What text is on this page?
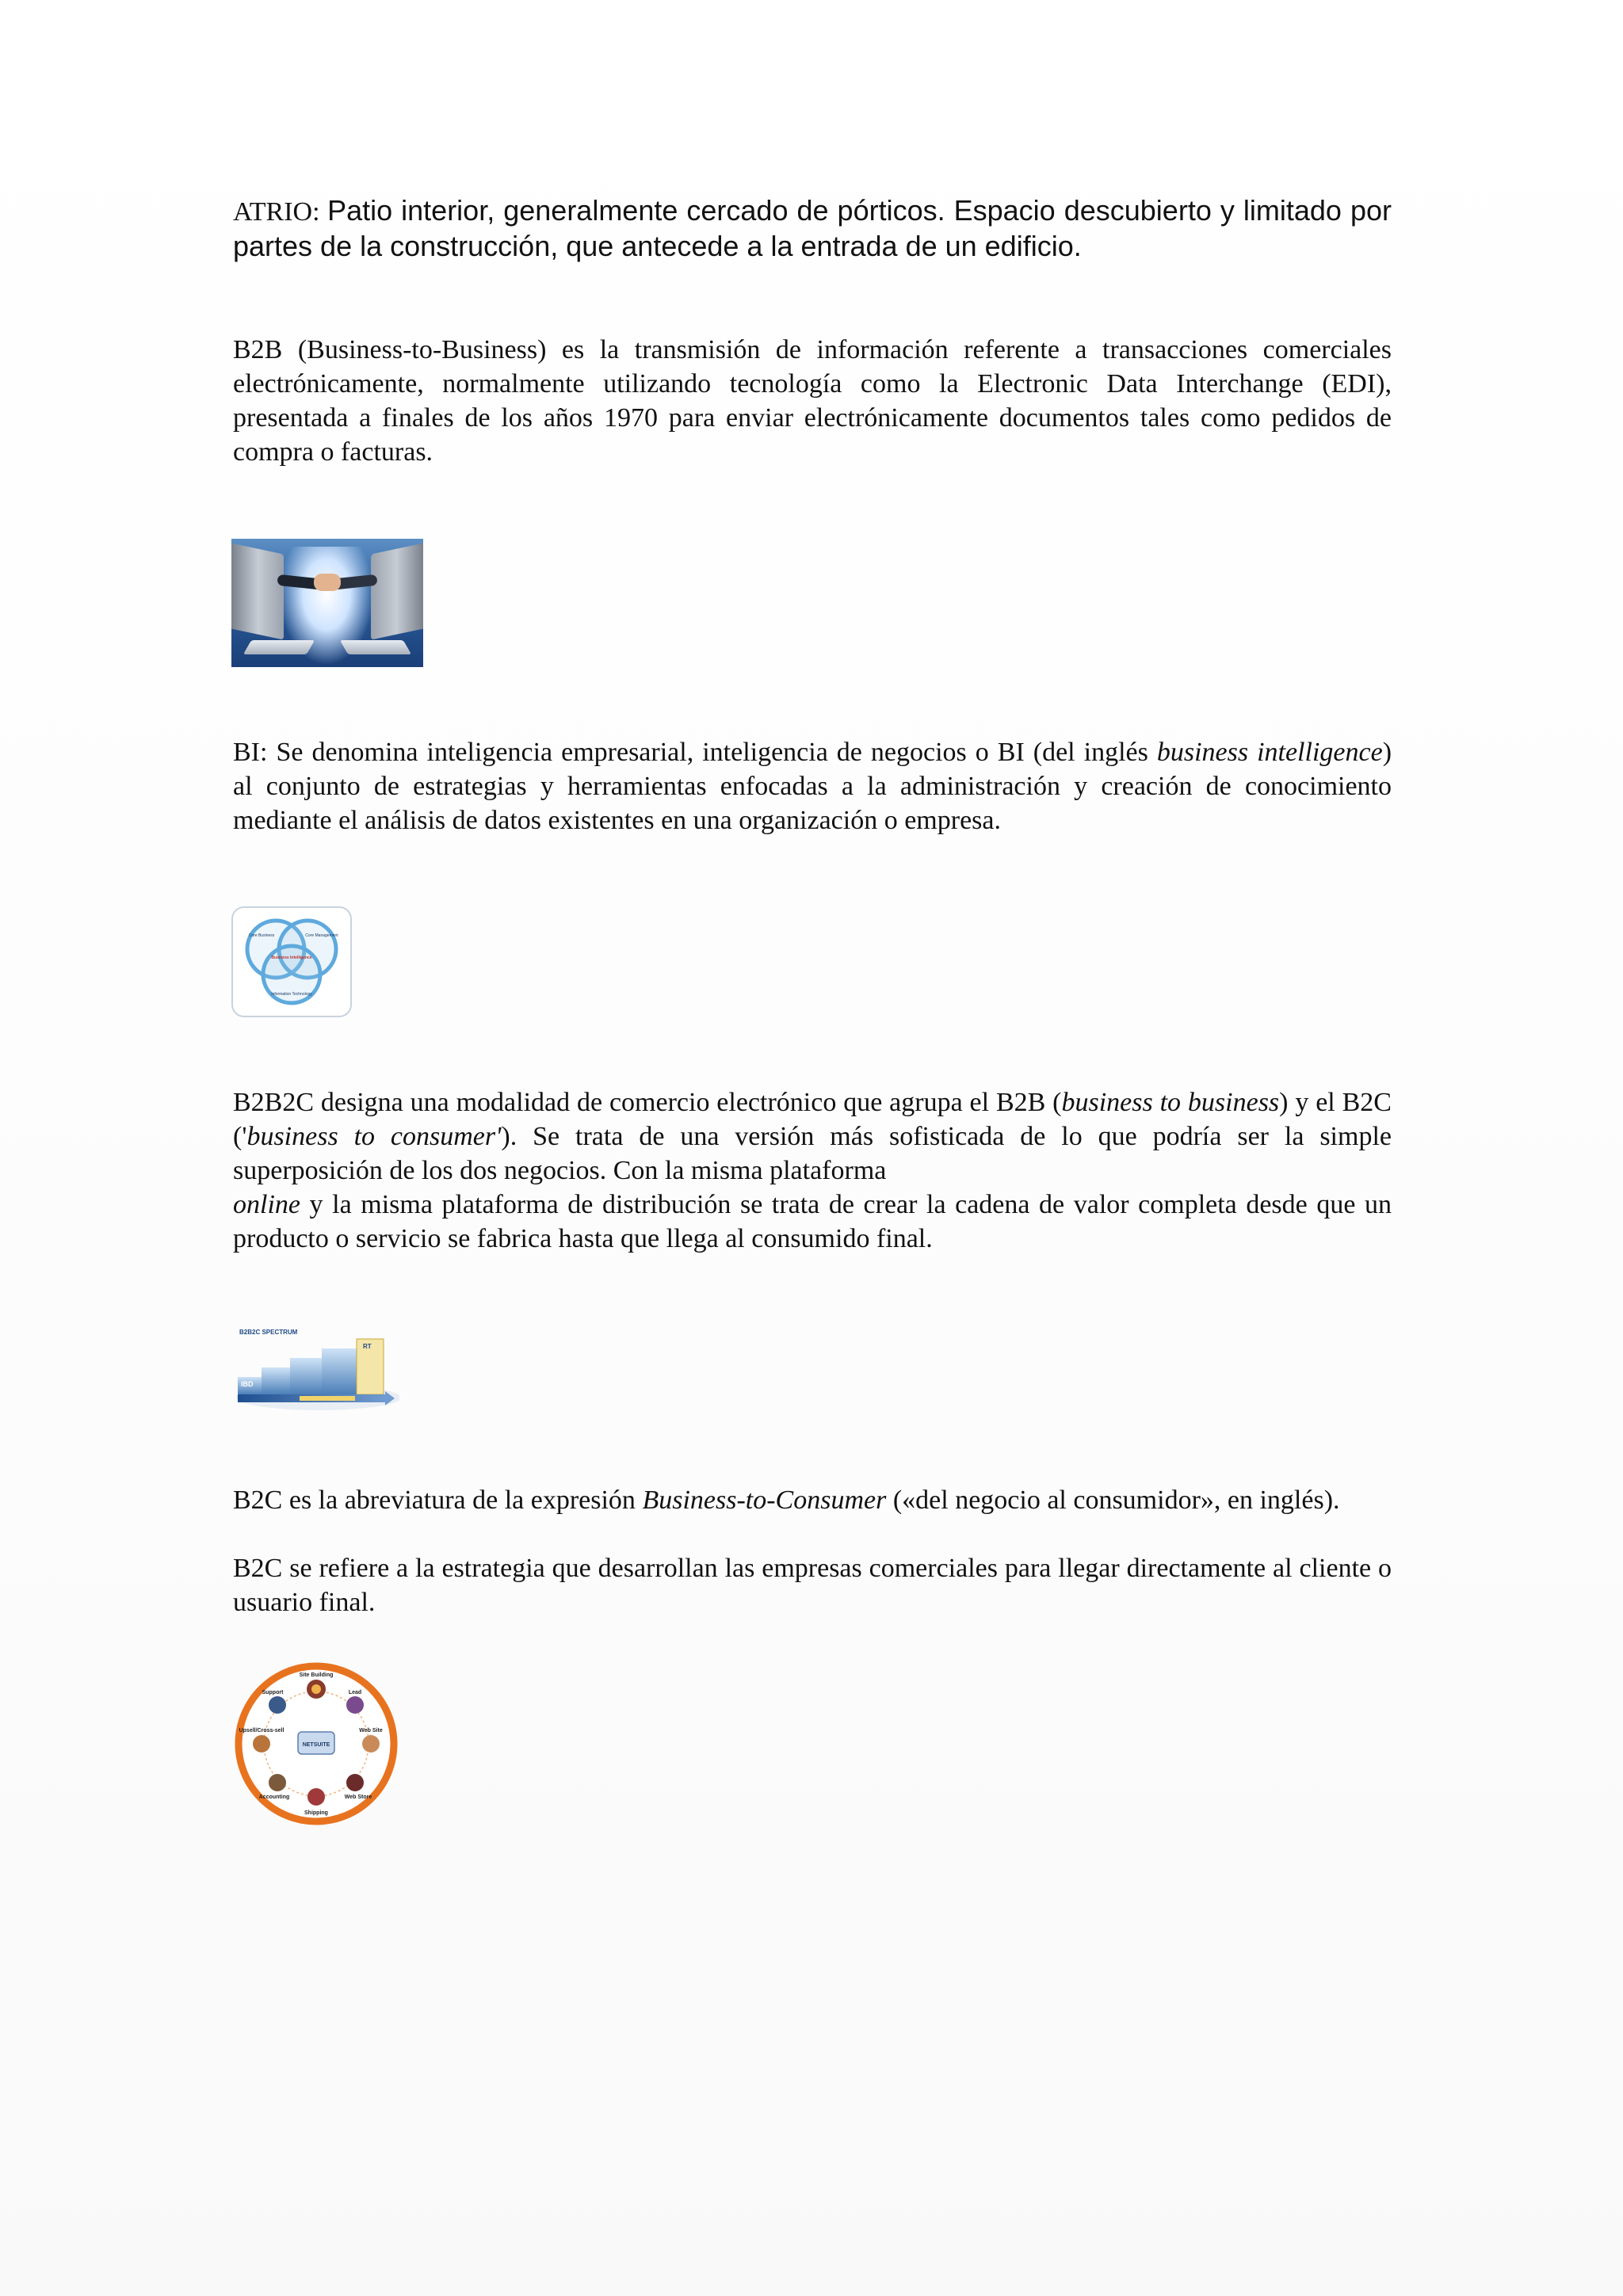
ATRIO: Patio interior, generalmente cercado de pórticos. Espacio descubierto y limitado por partes de la construcción, que antecede a la entrada de un edificio.

B2B (Business-to-Business) es la transmisión de información referente a transacciones comerciales electrónicamente, normalmente utilizando tecnología como la Electronic Data Interchange (EDI), presentada a finales de los años 1970 para enviar electrónicamente documentos tales como pedidos de compra o facturas.

BI: Se denomina inteligencia empresarial, inteligencia de negocios o BI (del inglés business intelligence) al conjunto de estrategias y herramientas enfocadas a la administración y creación de conocimiento mediante el análisis de datos existentes en una organización o empresa.

Core Business	Core Management
Business Intelligence
Information Technology

B2B2C designa una modalidad de comercio electrónico que agrupa el B2B (business to business) y el B2C ('business to consumer'). Se trata de una versión más sofisticada de lo que podría ser la simple superposición de los dos negocios. Con la misma plataforma

online y la misma plataforma de distribución se trata de crear la cadena de valor completa desde que un producto o servicio se fabrica hasta que llega al consumido final.

B2B2C SPECTRUM
IBD
RT

B2C es la abreviatura de la expresión Business-to-Consumer («del negocio al consumidor», en inglés).

B2C se refiere a la estrategia que desarrollan las empresas comerciales para llegar directamente al cliente o usuario final.

NETSUITE
Site Building
Lead
Web Site
Web Store
Shipping
Accounting
Upsell/Cross-sell
Support
